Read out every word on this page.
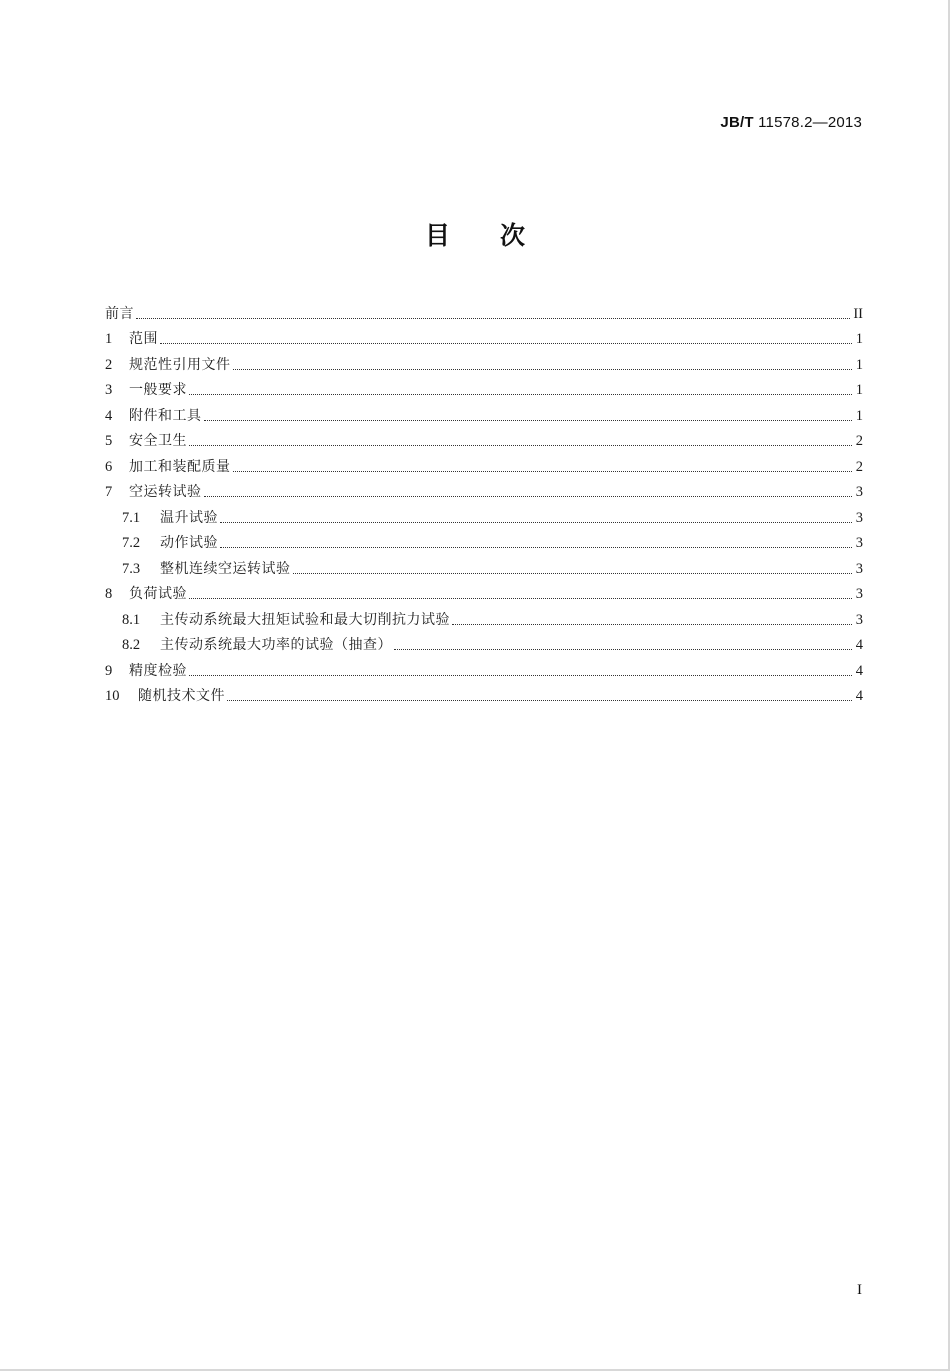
JB/T 11578.2—2013
目次
前言	II
1	范围	1
2	规范性引用文件	1
3	一般要求	1
4	附件和工具	1
5	安全卫生	2
6	加工和装配质量	2
7	空运转试验	3
7.1	温升试验	3
7.2	动作试验	3
7.3	整机连续空运转试验	3
8	负荷试验	3
8.1	主传动系统最大扭矩试验和最大切削抗力试验	3
8.2	主传动系统最大功率的试验（抽查）	4
9	精度检验	4
10	随机技术文件	4
I
